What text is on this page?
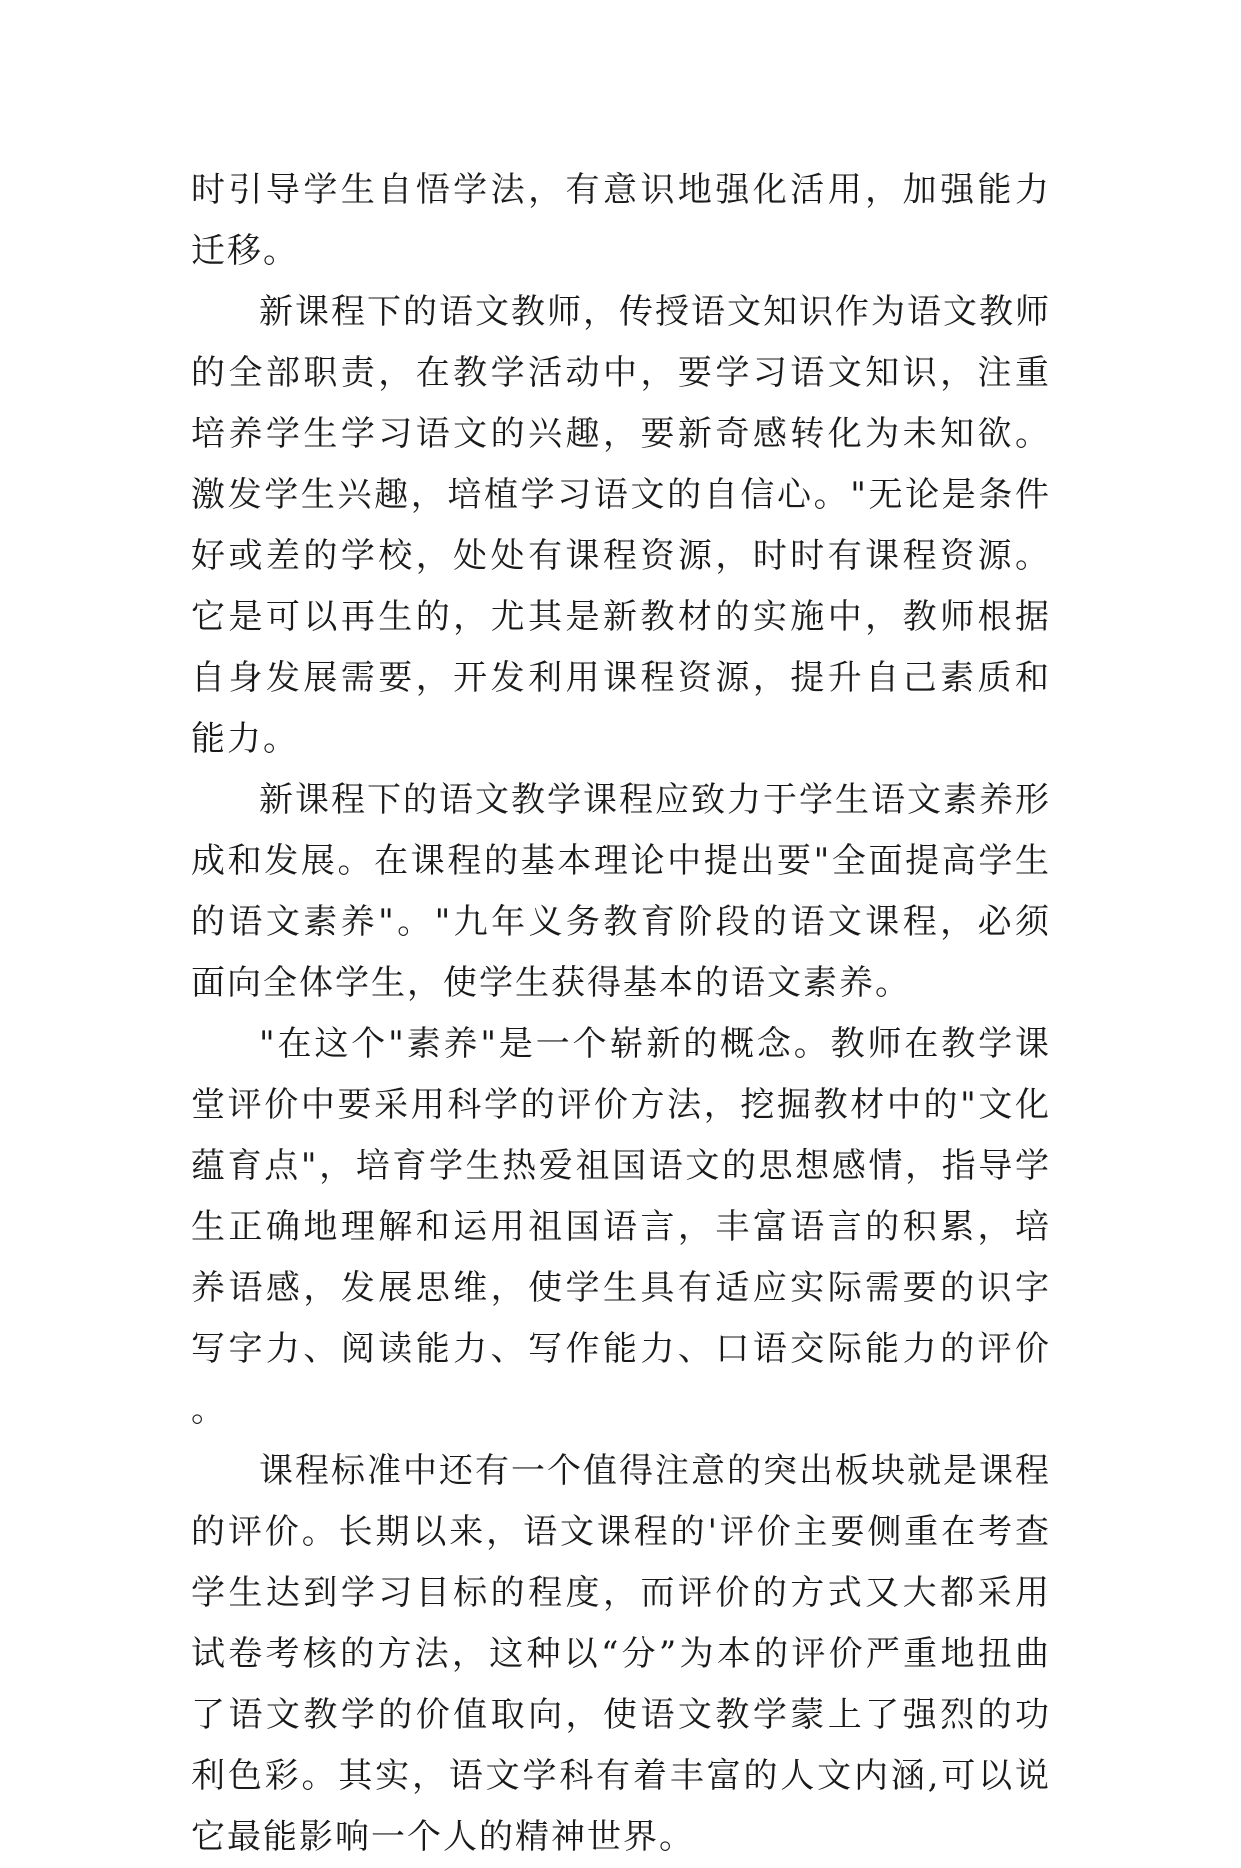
时引导学生自悟学法，有意识地强化活用，加强能力迁移。

新课程下的语文教师，传授语文知识作为语文教师的全部职责，在教学活动中，要学习语文知识，注重培养学生学习语文的兴趣，要新奇感转化为未知欲。激发学生兴趣，培植学习语文的自信心。"无论是条件好或差的学校，处处有课程资源，时时有课程资源。它是可以再生的，尤其是新教材的实施中，教师根据自身发展需要，开发利用课程资源，提升自己素质和能力。

新课程下的语文教学课程应致力于学生语文素养形成和发展。在课程的基本理论中提出要"全面提高学生的语文素养"。"九年义务教育阶段的语文课程，必须面向全体学生，使学生获得基本的语文素养。

"在这个"素养"是一个崭新的概念。教师在教学课堂评价中要采用科学的评价方法，挖掘教材中的"文化蕴育点"，培育学生热爱祖国语文的思想感情，指导学生正确地理解和运用祖国语言，丰富语言的积累，培养语感，发展思维，使学生具有适应实际需要的识字写字力、阅读能力、写作能力、口语交际能力的评价。

课程标准中还有一个值得注意的突出板块就是课程的评价。长期以来，语文课程的'评价主要侧重在考查学生达到学习目标的程度，而评价的方式又大都采用试卷考核的方法，这种以“分”为本的评价严重地扭曲了语文教学的价值取向，使语文教学蒙上了强烈的功利色彩。其实，语文学科有着丰富的人文内涵,可以说它最能影响一个人的精神世界。
